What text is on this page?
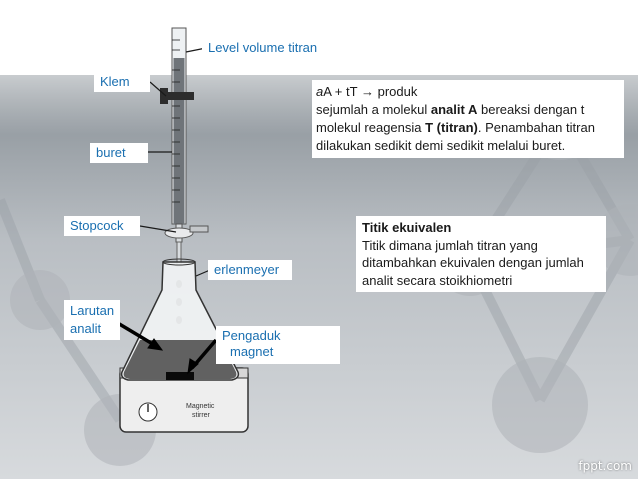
Magnetic
stirrer
Level volume titran
Klem
buret
Stopcock
erlenmeyer
Larutan
analit	Pengaduk
magnet
aA + tT → produk
sejumlah a molekul analit A bereaksi dengan t molekul reagensia T (titran). Penambahan titran dilakukan sedikit demi sedikit melalui buret.
Titik ekuivalen
Titik dimana jumlah titran yang ditambahkan ekuivalen dengan jumlah analit secara stoikhiometri
fppt.com
